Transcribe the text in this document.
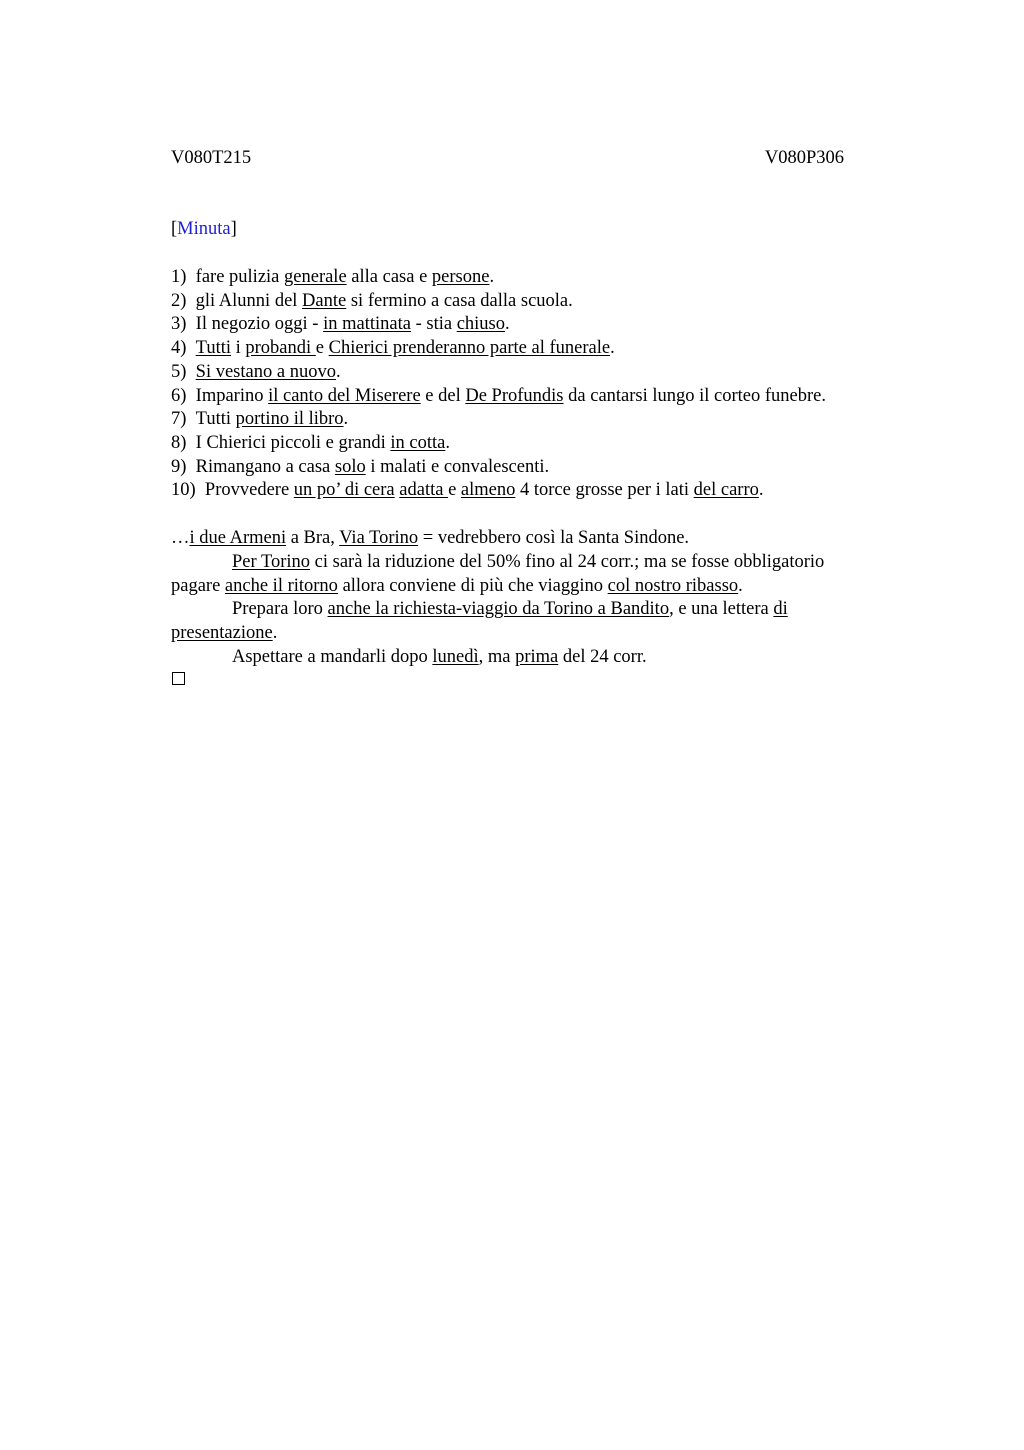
V080T215	V080P306
[Minuta]
1) fare pulizia generale alla casa e persone.
2) gli Alunni del Dante si fermino a casa dalla scuola.
3) Il negozio oggi - in mattinata - stia chiuso.
4) Tutti i probandi e Chierici prenderanno parte al funerale.
5) Si vestano a nuovo.
6) Imparino il canto del Miserere e del De Profundis da cantarsi lungo il corteo funebre.
7) Tutti portino il libro.
8) I Chierici piccoli e grandi in cotta.
9) Rimangano a casa solo i malati e convalescenti.
10) Provvedere un po’ di cera adatta e almeno 4 torce grosse per i lati del carro.

…i due Armeni a Bra, Via Torino = vedrebbero così la Santa Sindone.

Per Torino ci sarà la riduzione del 50% fino al 24 corr.; ma se fosse obbligatorio pagare anche il ritorno allora conviene di più che viaggino col nostro ribasso.

Prepara loro anche la richiesta-viaggio da Torino a Bandito, e una lettera di presentazione.

Aspettare a mandarli dopo lunedì, ma prima del 24 corr.
